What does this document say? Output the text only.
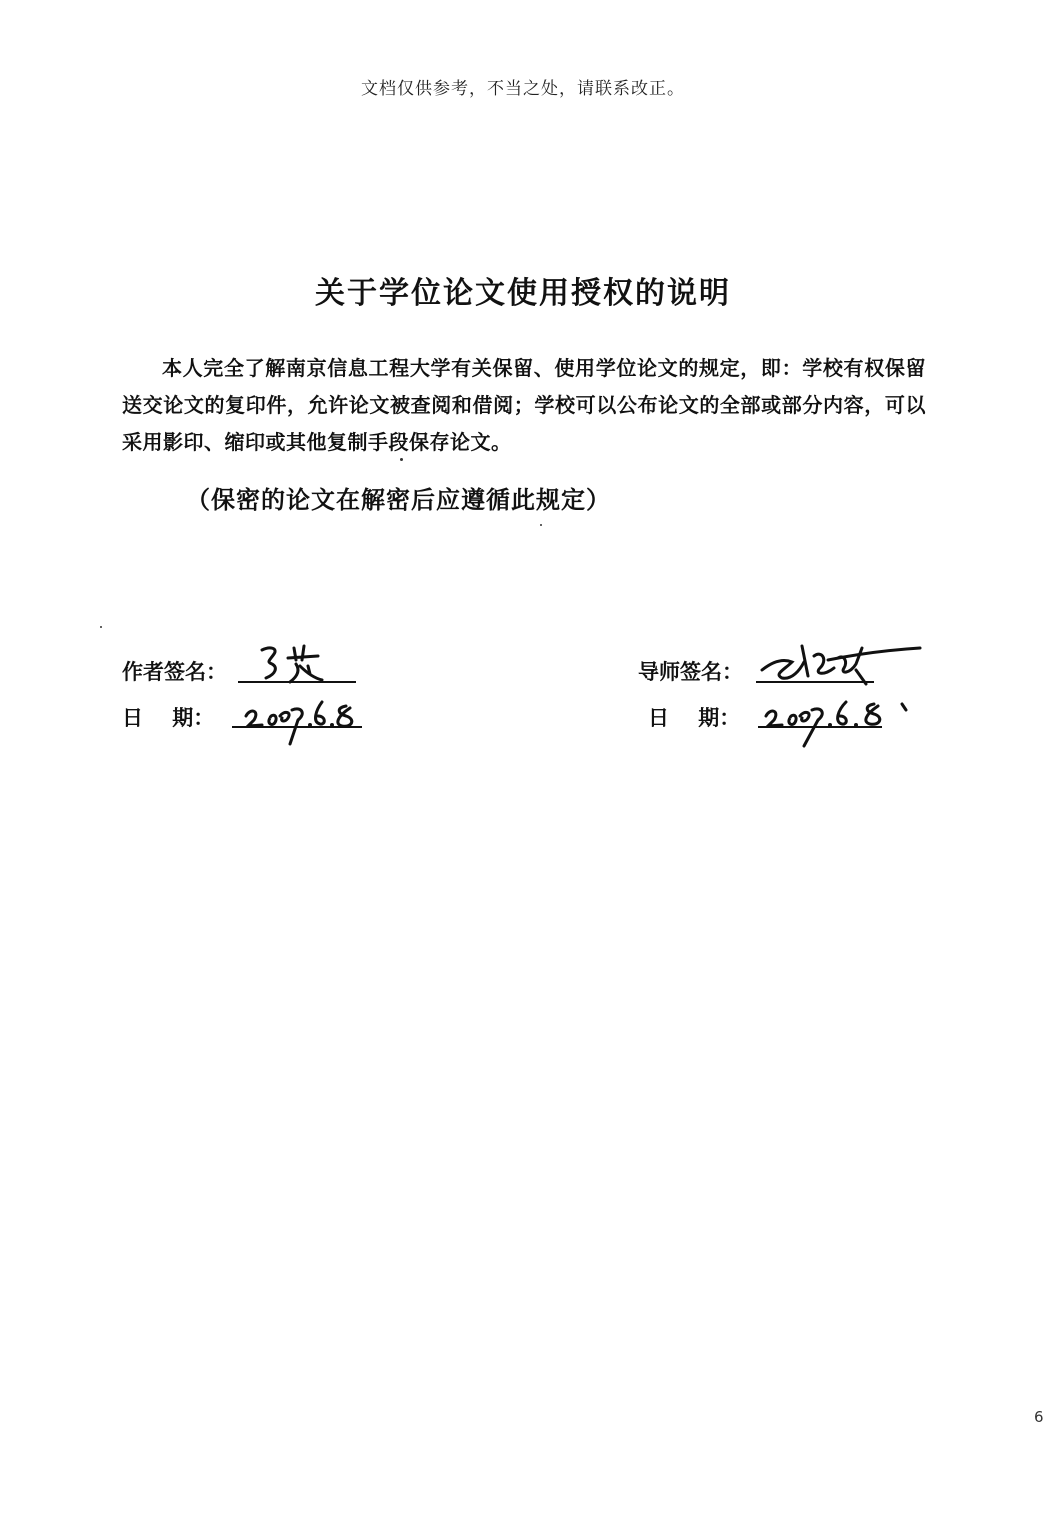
文档仅供参考，不当之处，请联系改正。
关于学位论文使用授权的说明
本人完全了解南京信息工程大学有关保留、使用学位论文的规定，即：学校有权保留送交论文的复印件，允许论文被查阅和借阅；学校可以公布论文的全部或部分内容，可以采用影印、缩印或其他复制手段保存论文。
（保密的论文在解密后应遵循此规定）
作者签名：
日    期：
导师签名：
日    期：
6
